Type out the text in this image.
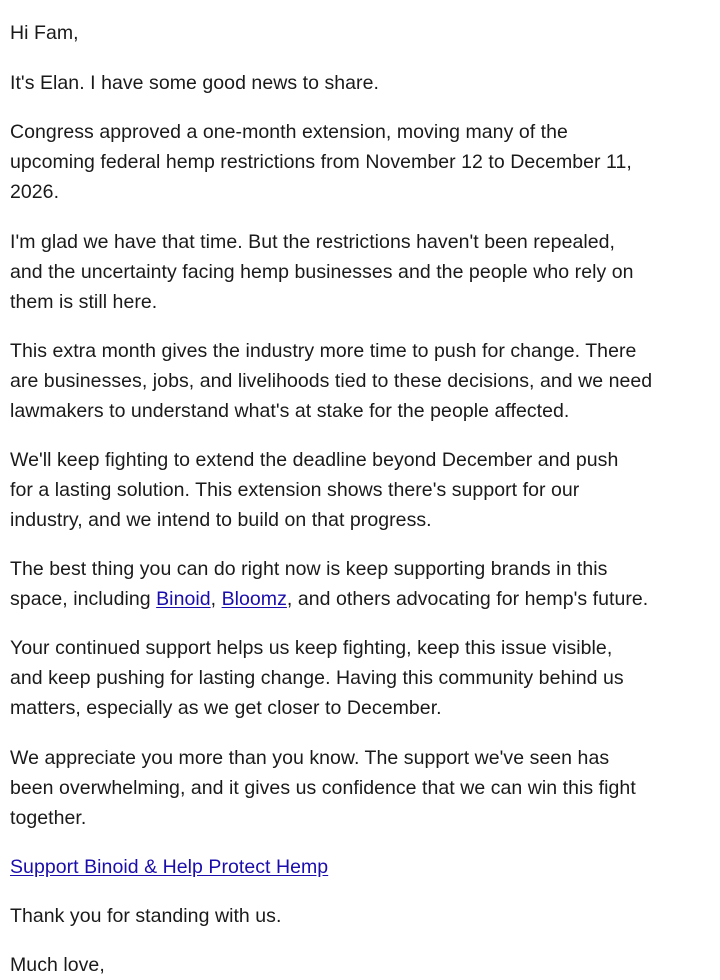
Hi Fam,
It's Elan. I have some good news to share.
Congress approved a one-month extension, moving many of the
upcoming federal hemp restrictions from November 12 to December 11,
2026.
I'm glad we have that time. But the restrictions haven't been repealed,
and the uncertainty facing hemp businesses and the people who rely on
them is still here.
This extra month gives the industry more time to push for change. There
are businesses, jobs, and livelihoods tied to these decisions, and we need
lawmakers to understand what's at stake for the people affected.
We'll keep fighting to extend the deadline beyond December and push
for a lasting solution. This extension shows there's support for our
industry, and we intend to build on that progress.
The best thing you can do right now is keep supporting brands in this
space, including Binoid, Bloomz, and others advocating for hemp's future.
Your continued support helps us keep fighting, keep this issue visible,
and keep pushing for lasting change. Having this community behind us
matters, especially as we get closer to December.
We appreciate you more than you know. The support we've seen has
been overwhelming, and it gives us confidence that we can win this fight
together.
Support Binoid & Help Protect Hemp
Thank you for standing with us.
Much love,
